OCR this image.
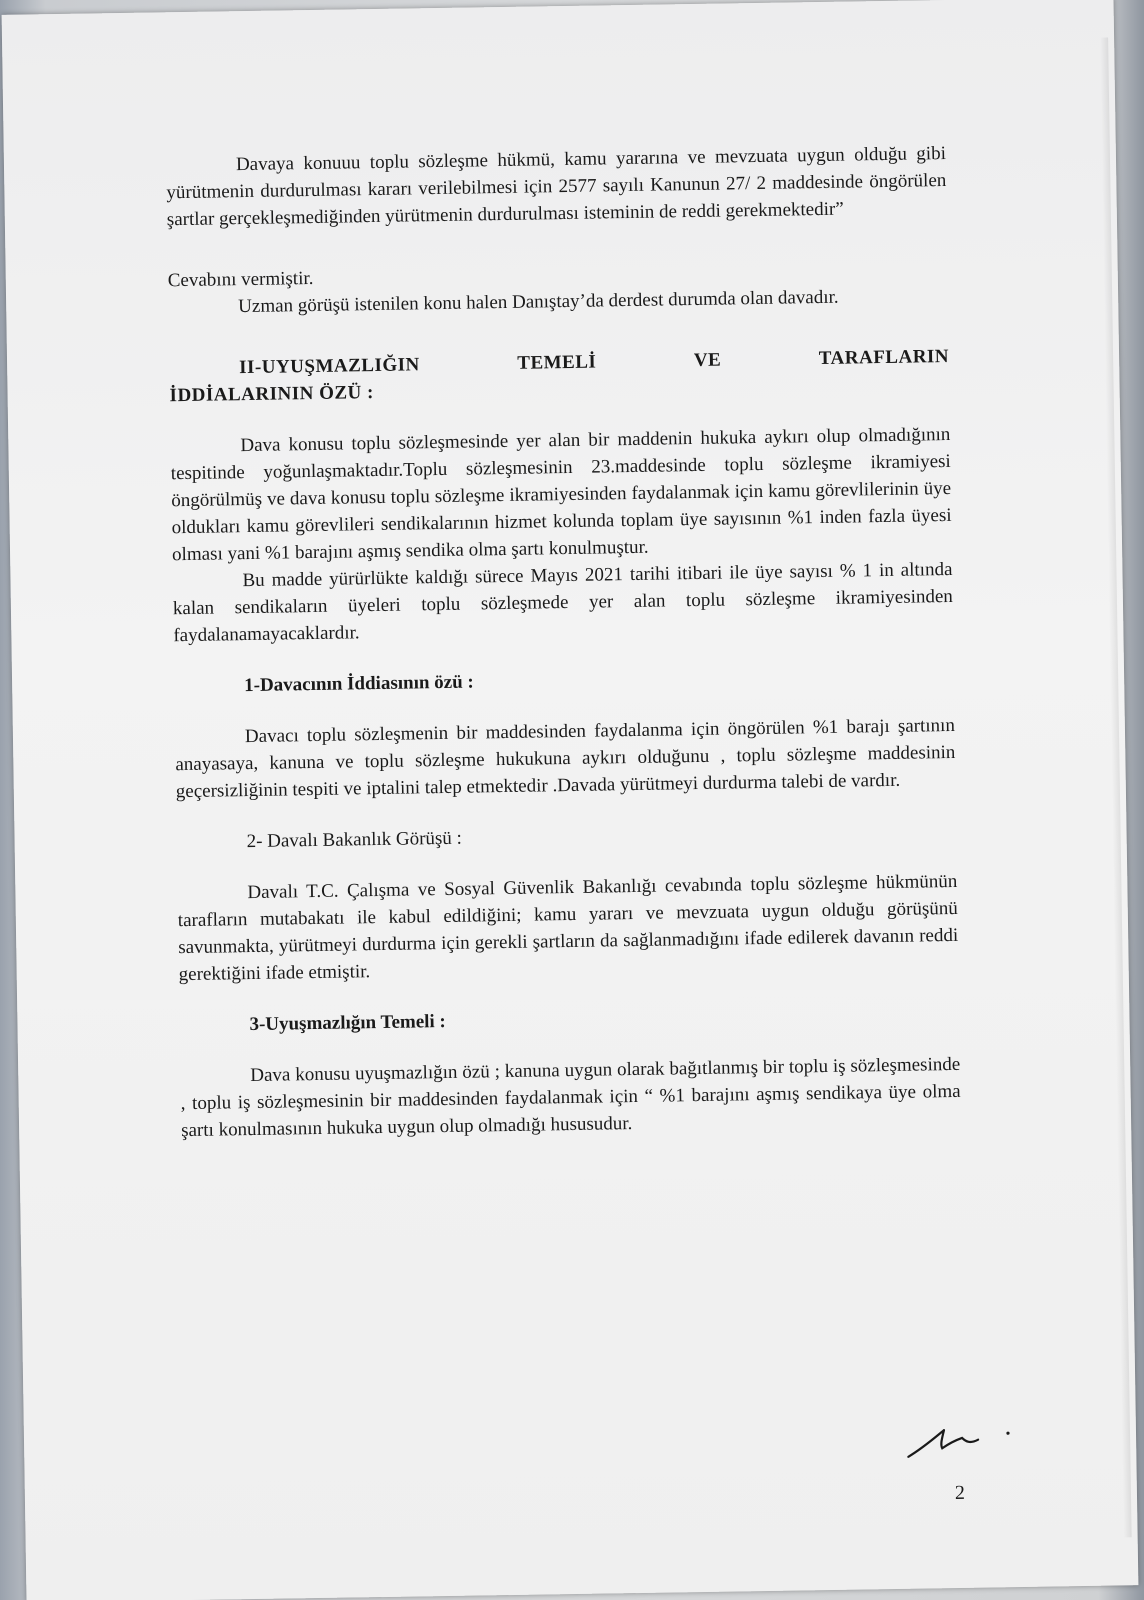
Davaya konuuu toplu sözleşme hükmü, kamu yararına ve mevzuata uygun olduğu gibi yürütmenin durdurulması kararı verilebilmesi için 2577 sayılı Kanunun 27/ 2 maddesinde öngörülen şartlar gerçekleşmediğinden yürütmenin durdurulması isteminin de reddi gerekmektedir”

Cevabını vermiştir.

Uzman görüşü istenilen konu halen Danıştay’da derdest durumda olan davadır.

II-UYUŞMAZLIĞIN	TEMELİ	VE	TARAFLARIN
İDDİALARININ ÖZÜ :

Dava konusu toplu sözleşmesinde yer alan bir maddenin hukuka aykırı olup olmadığının tespitinde yoğunlaşmaktadır.Toplu sözleşmesinin 23.maddesinde toplu sözleşme ikramiyesi öngörülmüş ve dava konusu toplu sözleşme ikramiyesinden faydalanmak için kamu görevlilerinin üye oldukları kamu görevlileri sendikalarının hizmet kolunda toplam üye sayısının %1 inden fazla üyesi olması yani %1 barajını aşmış sendika olma şartı konulmuştur.

Bu madde yürürlükte kaldığı sürece Mayıs 2021 tarihi itibari ile üye sayısı % 1 in altında kalan sendikaların üyeleri toplu sözleşmede yer alan toplu sözleşme ikramiyesinden faydalanamayacaklardır.

1-Davacının İddiasının özü :

Davacı toplu sözleşmenin bir maddesinden faydalanma için öngörülen %1 barajı şartının anayasaya, kanuna ve toplu sözleşme hukukuna aykırı olduğunu , toplu sözleşme maddesinin geçersizliğinin tespiti ve iptalini talep etmektedir .Davada yürütmeyi durdurma talebi de vardır.

2- Davalı Bakanlık Görüşü :

Davalı T.C. Çalışma ve Sosyal Güvenlik Bakanlığı cevabında toplu sözleşme hükmünün tarafların mutabakatı ile kabul edildiğini; kamu yararı ve mevzuata uygun olduğu görüşünü savunmakta, yürütmeyi durdurma için gerekli şartların da sağlanmadığını ifade edilerek davanın reddi gerektiğini ifade etmiştir.

3-Uyuşmazlığın Temeli :

Dava konusu uyuşmazlığın özü ; kanuna uygun olarak bağıtlanmış bir toplu iş sözleşmesinde , toplu iş sözleşmesinin bir maddesinden faydalanmak için “ %1 barajını aşmış sendikaya üye olma şartı konulmasının hukuka uygun olup olmadığı hususudur.

2
